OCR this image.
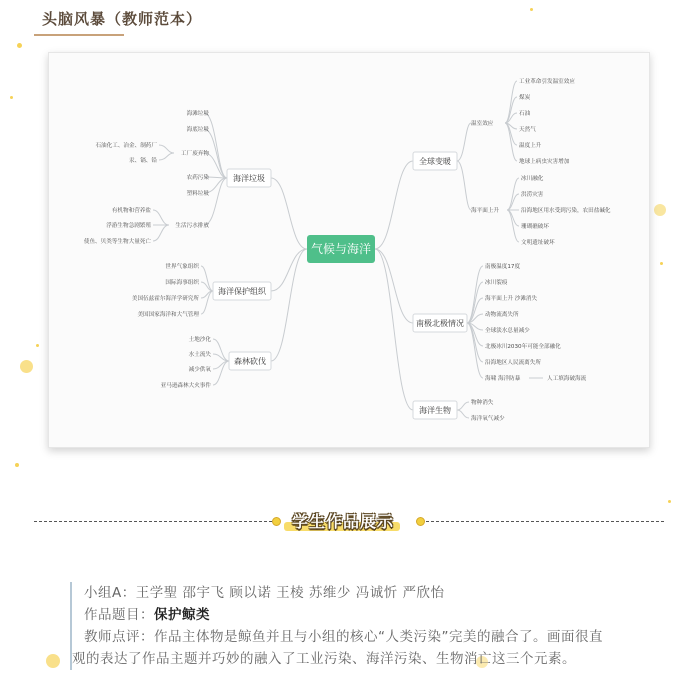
头脑风暴（教师范本）
气候与海洋
海洋垃圾
海洋保护组织
森林砍伐
全球变暖
南极北极情况
海洋生物
海滩垃圾
海底垃圾
工厂废弃物
农药污染
塑料垃圾
生活污水排放
石油化工、冶金、制药厂
汞、镉、铅
有机物和营养盐
浮游生物急剧繁殖
使鱼、贝类等生物大量死亡
世界气象组织
国际海事组织
美国伍兹霍尔海洋学研究所
美国国家海洋和大气管理
土地沙化
水土流失
减少供氧
亚马逊森林大火事件
温室效应
海平面上升
工业革命引发温室效应
煤炭
石油
天然气
温度上升
地球上病虫灾害增加
冰川融化
洪涝灾害
沿海地区用水受到污染，农田盐碱化
珊瑚礁破坏
文明遗址破坏
南极温度17度
冰川裂痕
海平面上升 沙滩消失
动物流离失所
全球淡水总量减少
北极冰川2030年可能全部融化
沿海地区人民流离失所
海啸 海洋防暴	人工填海破海流
物种消失
海洋氧气减少
学生作品展示
小组A：王学聖 邵宇飞 顾以诺 王棱 苏维少 冯诚忻 严欣怡
作品题目：保护鲸类
教师点评：作品主体物是鲸鱼并且与小组的核心“人类污染”完美的融合了。画面很直
观的表达了作品主题并巧妙的融入了工业污染、海洋污染、生物消亡这三个元素。
